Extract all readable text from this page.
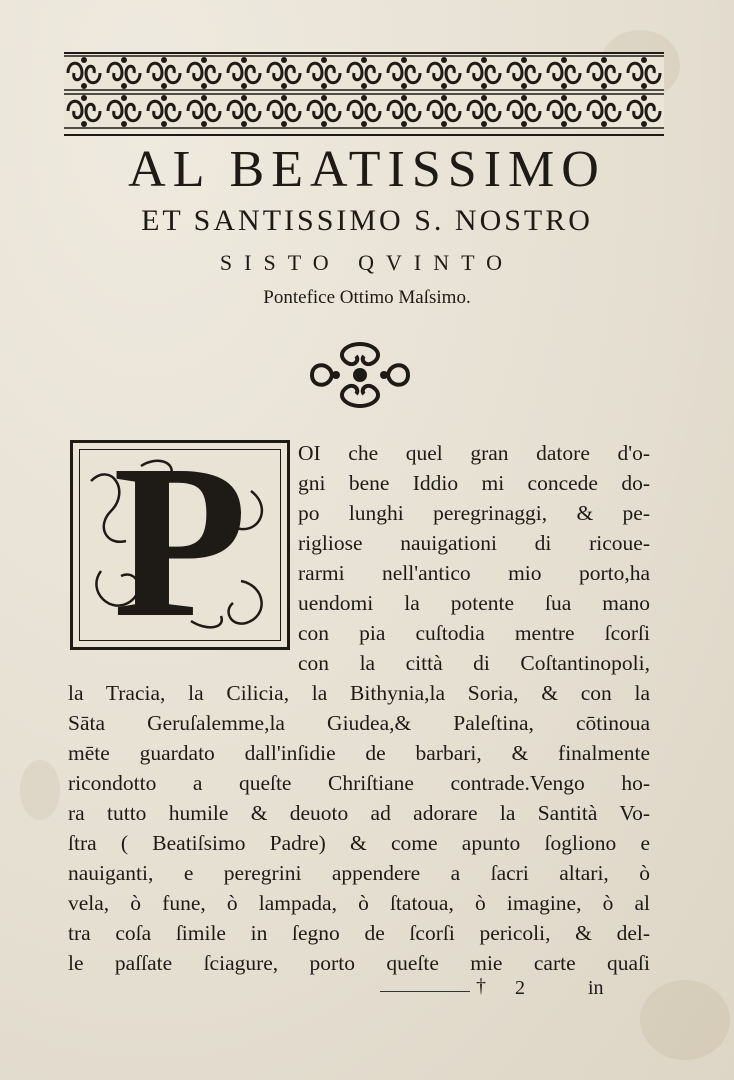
AL BEATISSIMO
ET SANTISSIMO S. NOSTRO
SISTO QVINTO
Pontefice Ottimo Maſsimo.
P	OI che quel gran datore d'o-
gni bene Iddio mi concede do-
po lunghi peregrinaggi, & pe-
rigliose nauigationi di ricoue-
rarmi nell'antico mio porto,ha
uendomi la potente ſua mano
con pia cuſtodia mentre ſcorſi
con la città di Coſtantinopoli,
la Tracia, la Cilicia, la Bithynia,la Soria, & con la
Sāta Geruſalemme,la Giudea,& Paleſtina, cōtinoua
mēte guardato dall'inſidie de barbari, & finalmente
ricondotto a queſte Chriſtiane contrade.Vengo ho-
ra tutto humile & deuoto ad adorare la Santità Vo-
ſtra ( Beatiſsimo Padre) & come apunto ſogliono e
nauiganti, e peregrini appendere a ſacri altari, ò
vela, ò fune, ò lampada, ò ſtatoua, ò imagine, ò al
tra coſa ſimile in ſegno de ſcorſi pericoli, & del-
le paſſate ſciagure, porto queſte mie carte quaſi
† 2	in
